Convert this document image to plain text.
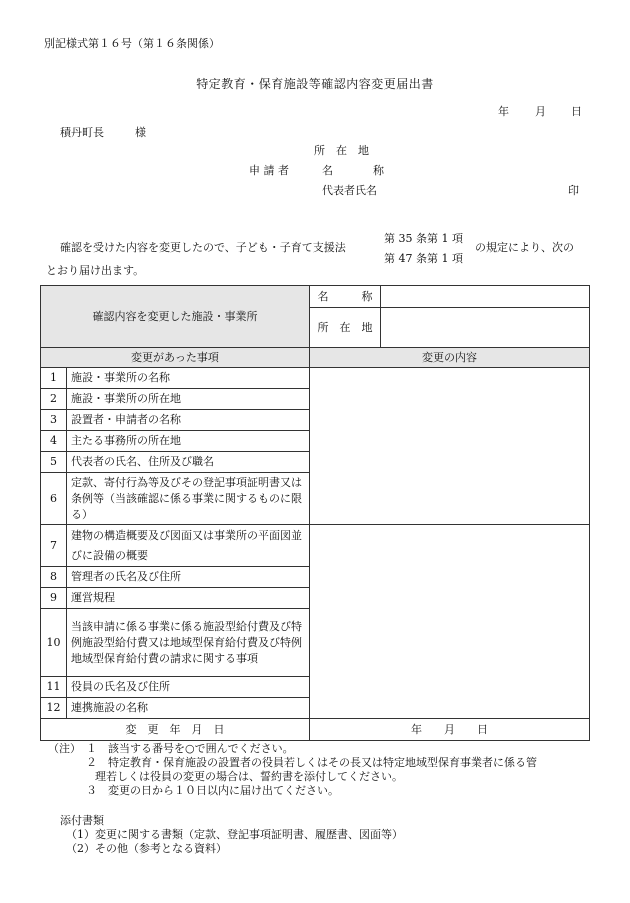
別記様式第１６号（第１６条関係）
特定教育・保育施設等確認内容変更届出書
年 月 日
積丹町長	様
所　在　地
申 請 者	名	称
代表者氏名	印
確認を受けた内容を変更したので、子ども・子育て支援法
第 35 条第 1 項
第 47 条第 1 項
の規定により、次の
とおり届け出ます。
確認内容を変更した施設・事業所		名　　　称	
		所　在　地	
変更があった事項		変更の内容	
1	施設・事業所の名称		
2	施設・事業所の所在地		
3	設置者・申請者の名称		
4	主たる事務所の所在地		
5	代表者の氏名、住所及び職名		
6	定款、寄付行為等及びその登記事項証明書又は条例等（当該確認に係る事業に関するものに限る）		
7	建物の構造概要及び図面又は事業所の平面図並びに設備の概要		
8	管理者の氏名及び住所		
9	運営規程		
10	当該申請に係る事業に係る施設型給付費及び特例施設型給付費又は地域型保育給付費及び特例地域型保育給付費の請求に関する事項		
11	役員の氏名及び住所		
12	連携施設の名称		
変　更　年　月　日		年　　月　　日	
（注） １　該当する番号を○で囲んでください。
２　特定教育・保育施設の設置者の役員若しくはその長又は特定地域型保育事業者に係る管
理若しくは役員の変更の場合は、誓約書を添付してください。
３　変更の日から１０日以内に届け出てください。
添付書類
（1）変更に関する書類（定款、登記事項証明書、履歴書、図面等）
（2）その他（参考となる資料）
